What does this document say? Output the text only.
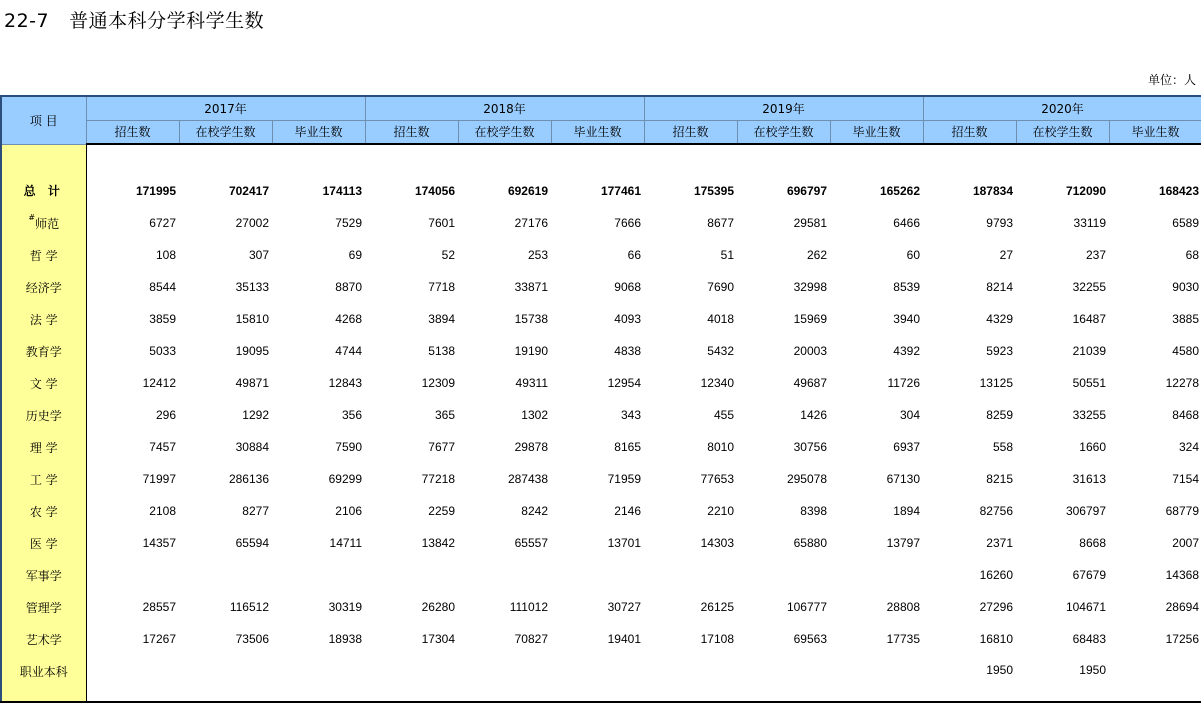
22-7 普通本科分学科学生数
单位：人
项 目	2017年			2018年			2019年			2020年		
	招生数	在校学生数	毕业生数	招生数	在校学生数	毕业生数	招生数	在校学生数	毕业生数	招生数	在校学生数	毕业生数

总 计	171995	702417	174113	174056	692619	177461	175395	696797	165262	187834	712090	168423
#师范	6727	27002	7529	7601	27176	7666	8677	29581	6466	9793	33119	6589
哲 学	108	307	69	52	253	66	51	262	60	27	237	68
经济学	8544	35133	8870	7718	33871	9068	7690	32998	8539	8214	32255	9030
法 学	3859	15810	4268	3894	15738	4093	4018	15969	3940	4329	16487	3885
教育学	5033	19095	4744	5138	19190	4838	5432	20003	4392	5923	21039	4580
文 学	12412	49871	12843	12309	49311	12954	12340	49687	11726	13125	50551	12278
历史学	296	1292	356	365	1302	343	455	1426	304	8259	33255	8468
理 学	7457	30884	7590	7677	29878	8165	8010	30756	6937	558	1660	324
工 学	71997	286136	69299	77218	287438	71959	77653	295078	67130	8215	31613	7154
农 学	2108	8277	2106	2259	8242	2146	2210	8398	1894	82756	306797	68779
医 学	14357	65594	14711	13842	65557	13701	14303	65880	13797	2371	8668	2007
军事学										16260	67679	14368
管理学	28557	116512	30319	26280	111012	30727	26125	106777	28808	27296	104671	28694
艺术学	17267	73506	18938	17304	70827	19401	17108	69563	17735	16810	68483	17256
职业本科										1950	1950	
